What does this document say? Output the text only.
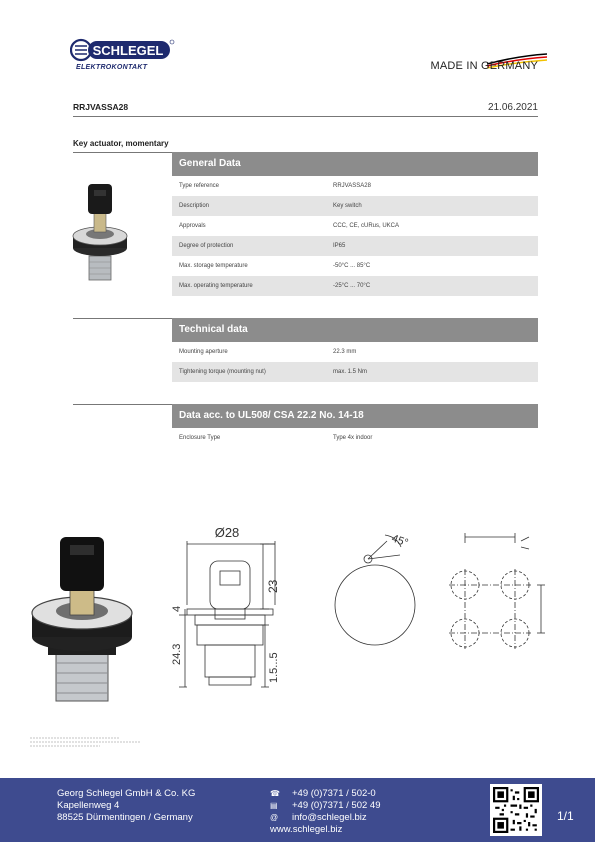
SCHLEGEL
ELEKTROKONTAKT	MADE IN GERMANY
RRJVASSA28	21.06.2021
Key actuator, momentary
General Data
Type reference	RRJVASSA28
Description	Key switch
Approvals	CCC, CE, cURus, UKCA
Degree of protection	IP65
Max. storage temperature	-50°C ... 85°C
Max. operating temperature	-25°C ... 70°C
Technical data
Mounting aperture	22.3 mm
Tightening torque (mounting nut)	max. 1.5 Nm
Data acc. to UL508/ CSA 22.2 No. 14-18
Enclosure Type	Type 4x indoor
Ø28
23
4
24.3	1.5...5
45°
Georg Schlegel GmbH & Co. KG
Kapellenweg 4
88525 Dürmentingen / Germany
☎	+49 (0)7371 / 502-0
▤	+49 (0)7371 / 502 49
@	info@schlegel.biz
www.schlegel.biz
1/1
